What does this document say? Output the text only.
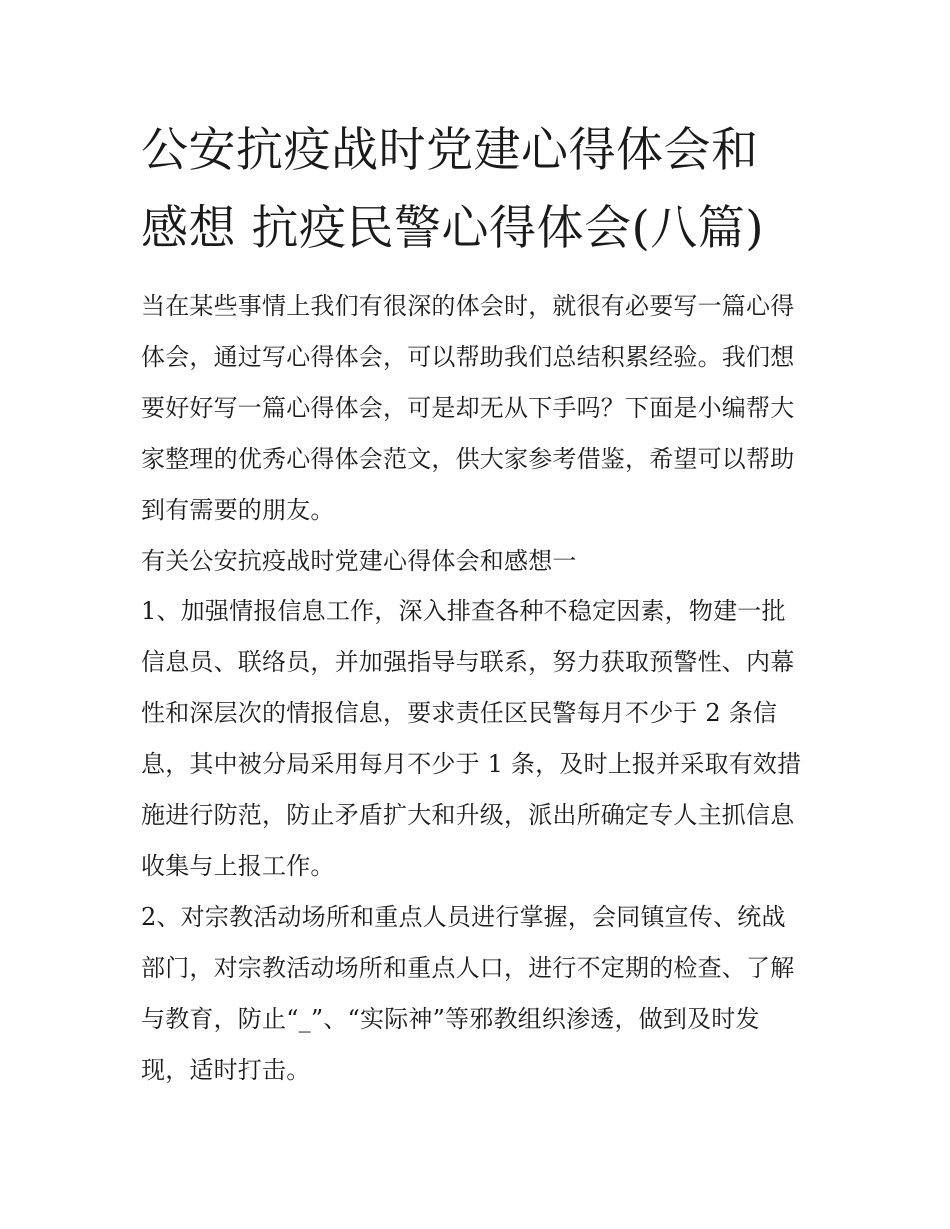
公安抗疫战时党建心得体会和
感想 抗疫民警心得体会(八篇)
当在某些事情上我们有很深的体会时，就很有必要写一篇心得
体会，通过写心得体会，可以帮助我们总结积累经验。我们想
要好好写一篇心得体会，可是却无从下手吗？下面是小编帮大
家整理的优秀心得体会范文，供大家参考借鉴，希望可以帮助
到有需要的朋友。
有关公安抗疫战时党建心得体会和感想一
1、加强情报信息工作，深入排查各种不稳定因素，物建一批
信息员、联络员，并加强指导与联系，努力获取预警性、内幕
性和深层次的情报信息，要求责任区民警每月不少于 2 条信
息，其中被分局采用每月不少于 1 条，及时上报并采取有效措
施进行防范，防止矛盾扩大和升级，派出所确定专人主抓信息
收集与上报工作。
2、对宗教活动场所和重点人员进行掌握，会同镇宣传、统战
部门，对宗教活动场所和重点人口，进行不定期的检查、了解
与教育，防止“_”、“实际神”等邪教组织渗透，做到及时发
现，适时打击。
